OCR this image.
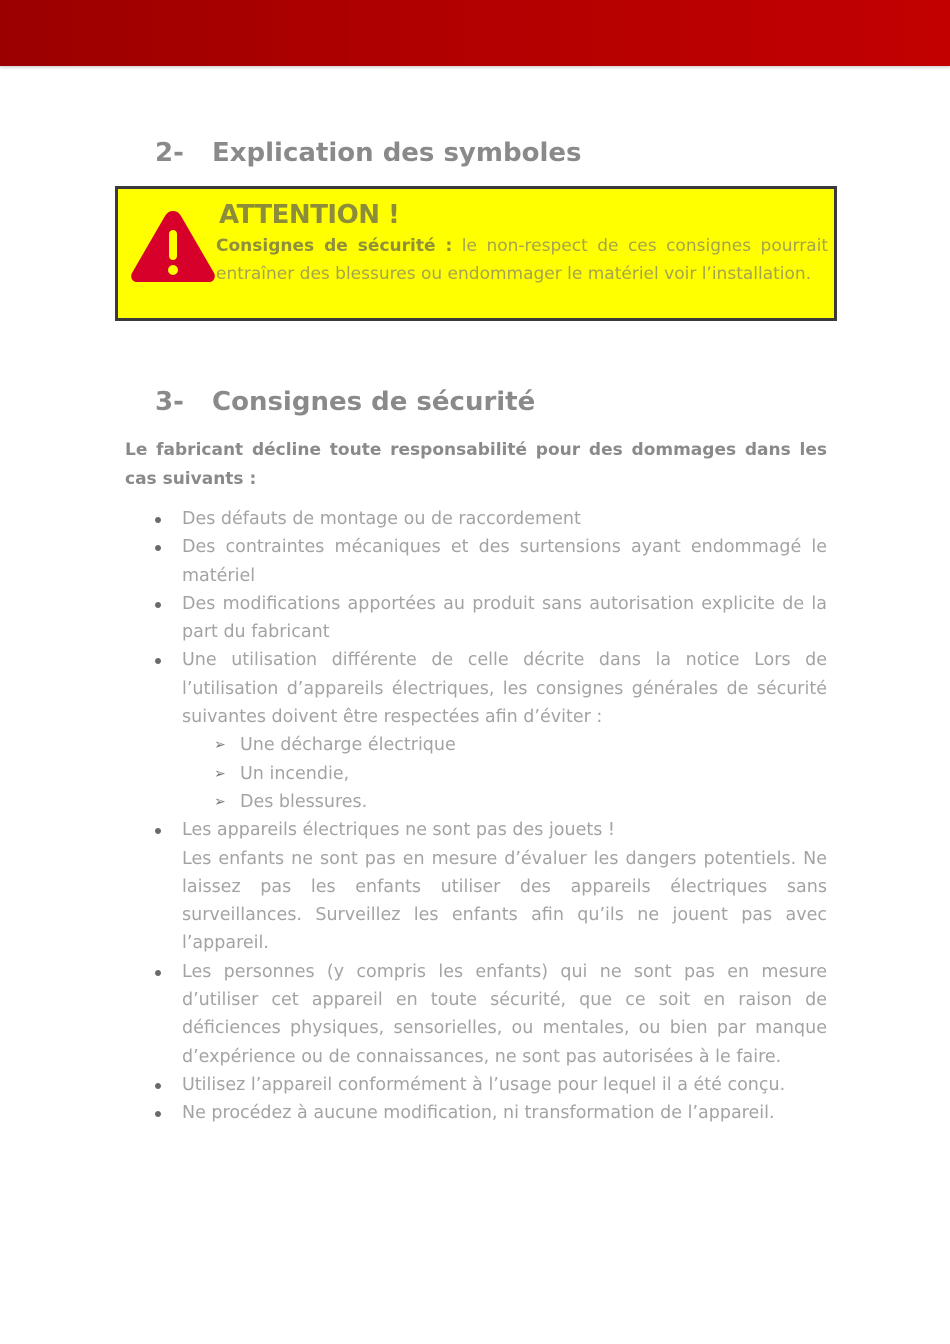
2-	Explication des symboles
ATTENTION !
Consignes de sécurité : le non-respect de ces consignes pourrait entraîner des blessures ou endommager le matériel voir l’installation.
3-	Consignes de sécurité
Le fabricant décline toute responsabilité pour des dommages dans les cas suivants :
Des défauts de montage ou de raccordement
Des contraintes mécaniques et des surtensions ayant endommagé le matériel
Des modifications apportées au produit sans autorisation explicite de la part du fabricant
Une utilisation différente de celle décrite dans la notice Lors de l’utilisation d’appareils électriques, les consignes générales de sécurité suivantes doivent être respectées afin d’éviter :
➢ Une décharge électrique
➢ Un incendie,
➢ Des blessures.

Les appareils électriques ne sont pas des jouets !

Les enfants ne sont pas en mesure d’évaluer les dangers potentiels. Ne laissez pas les enfants utiliser des appareils électriques sans surveillances. Surveillez les enfants afin qu’ils ne jouent pas avec l’appareil.

Les personnes (y compris les enfants) qui ne sont pas en mesure d’utiliser cet appareil en toute sécurité, que ce soit en raison de déficiences physiques, sensorielles, ou mentales, ou bien par manque d’expérience ou de connaissances, ne sont pas autorisées à le faire.
Utilisez l’appareil conformément à l’usage pour lequel il a été conçu.
Ne procédez à aucune modification, ni transformation de l’appareil.
